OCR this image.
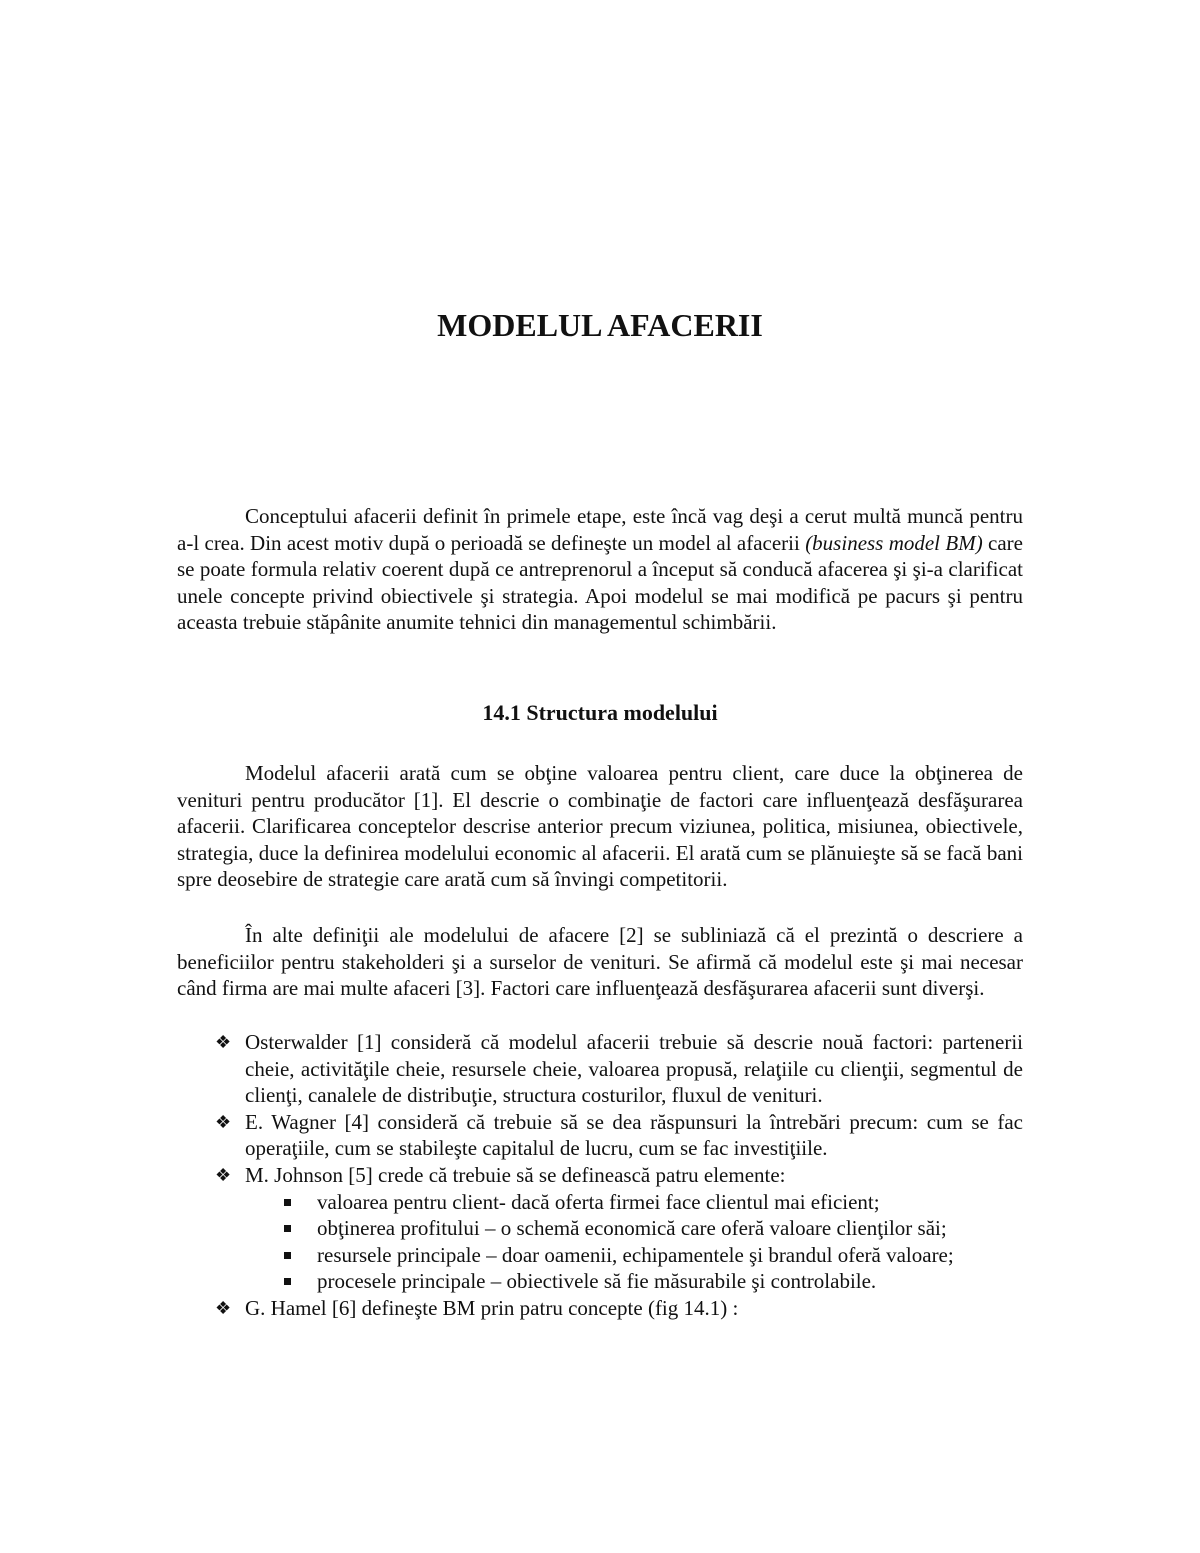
MODELUL AFACERII

Conceptului afacerii definit în primele etape, este încă vag deşi a cerut multă muncă pentru a-l crea. Din acest motiv după o perioadă se defineşte un model al afacerii (business model BM) care se poate formula relativ coerent după ce antreprenorul a început să conducă afacerea şi şi-a clarificat unele concepte privind obiectivele şi strategia. Apoi modelul se mai modifică pe pacurs şi pentru aceasta trebuie stăpânite anumite tehnici din managementul schimbării.

14.1 Structura modelului

Modelul afacerii arată cum se obţine valoarea pentru client, care duce la obţinerea de venituri pentru producător [1]. El descrie o combinaţie de factori care influenţează desfăşurarea afacerii. Clarificarea conceptelor descrise anterior precum viziunea, politica, misiunea, obiectivele, strategia, duce la definirea modelului economic al afacerii. El arată cum se plănuieşte să se facă bani spre deosebire de strategie care arată cum să învingi competitorii.

În alte definiţii ale modelului de afacere [2] se subliniază că el prezintă o descriere a beneficiilor pentru stakeholderi şi a surselor de venituri. Se afirmă că modelul este şi mai necesar când firma are mai multe afaceri [3]. Factori care influenţează desfăşurarea afacerii sunt diverşi.

❖ Osterwalder [1] consideră că modelul afacerii trebuie să descrie nouă factori: partenerii cheie, activităţile cheie, resursele cheie, valoarea propusă, relaţiile cu clienţii, segmentul de clienţi, canalele de distribuţie, structura costurilor, fluxul de venituri.
❖ E. Wagner [4] consideră că trebuie să se dea răspunsuri la întrebări precum: cum se fac operaţiile, cum se stabileşte capitalul de lucru, cum se fac investiţiile.
❖ M. Johnson [5] crede că trebuie să se definească patru elemente:
valoarea pentru client- dacă oferta firmei face clientul mai eficient;
obţinerea profitului – o schemă economică care oferă valoare clienţilor săi;
resursele principale – doar oamenii, echipamentele şi brandul oferă valoare;
procesele principale – obiectivele să fie măsurabile şi controlabile.
❖ G. Hamel [6] defineşte BM prin patru concepte (fig 14.1) :
